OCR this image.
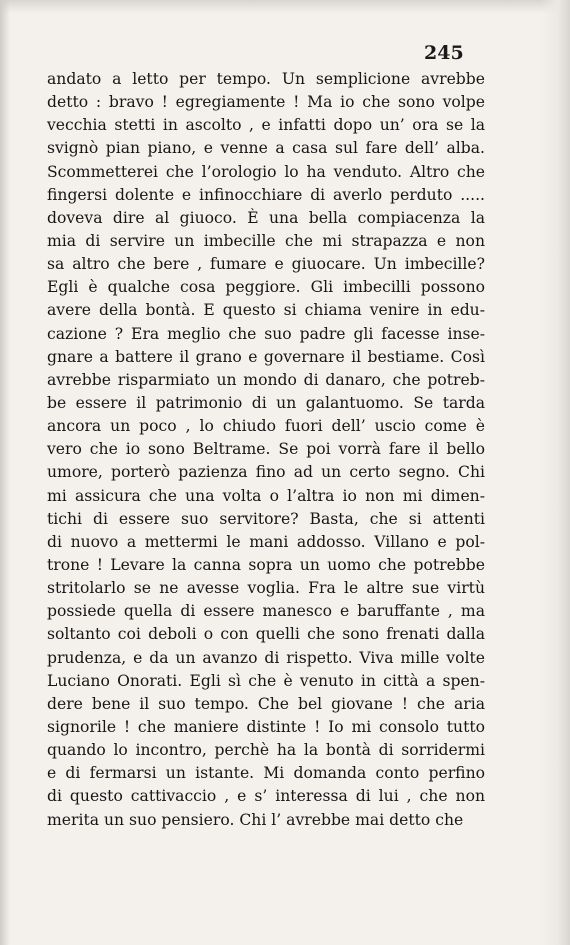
245
andato a letto per tempo. Un semplicione avrebbe
detto : bravo ! egregiamente ! Ma io che sono volpe
vecchia stetti in ascolto , e infatti dopo un’ ora se la
svignò pian piano, e venne a casa sul fare dell’ alba.
Scommetterei che l’orologio lo ha venduto. Altro che
fingersi dolente e infinocchiare di averlo perduto .....
doveva dire al giuoco. È una bella compiacenza la
mia di servire un imbecille che mi strapazza e non
sa altro che bere , fumare e giuocare. Un imbecille?
Egli è qualche cosa peggiore. Gli imbecilli possono
avere della bontà. E questo si chiama venire in edu-
cazione ? Era meglio che suo padre gli facesse inse-
gnare a battere il grano e governare il bestiame. Così
avrebbe risparmiato un mondo di danaro, che potreb-
be essere il patrimonio di un galantuomo. Se tarda
ancora un poco , lo chiudo fuori dell’ uscio come è
vero che io sono Beltrame. Se poi vorrà fare il bello
umore, porterò pazienza fino ad un certo segno. Chi
mi assicura che una volta o l’altra io non mi dimen-
tichi di essere suo servitore? Basta, che si attenti
di nuovo a mettermi le mani addosso. Villano e pol-
trone ! Levare la canna sopra un uomo che potrebbe
stritolarlo se ne avesse voglia. Fra le altre sue virtù
possiede quella di essere manesco e baruffante , ma
soltanto coi deboli o con quelli che sono frenati dalla
prudenza, e da un avanzo di rispetto. Viva mille volte
Luciano Onorati. Egli sì che è venuto in città a spen-
dere bene il suo tempo. Che bel giovane ! che aria
signorile ! che maniere distinte ! Io mi consolo tutto
quando lo incontro, perchè ha la bontà di sorridermi
e di fermarsi un istante. Mi domanda conto perfino
di questo cattivaccio , e s’ interessa di lui , che non
merita un suo pensiero. Chi l’ avrebbe mai detto che
